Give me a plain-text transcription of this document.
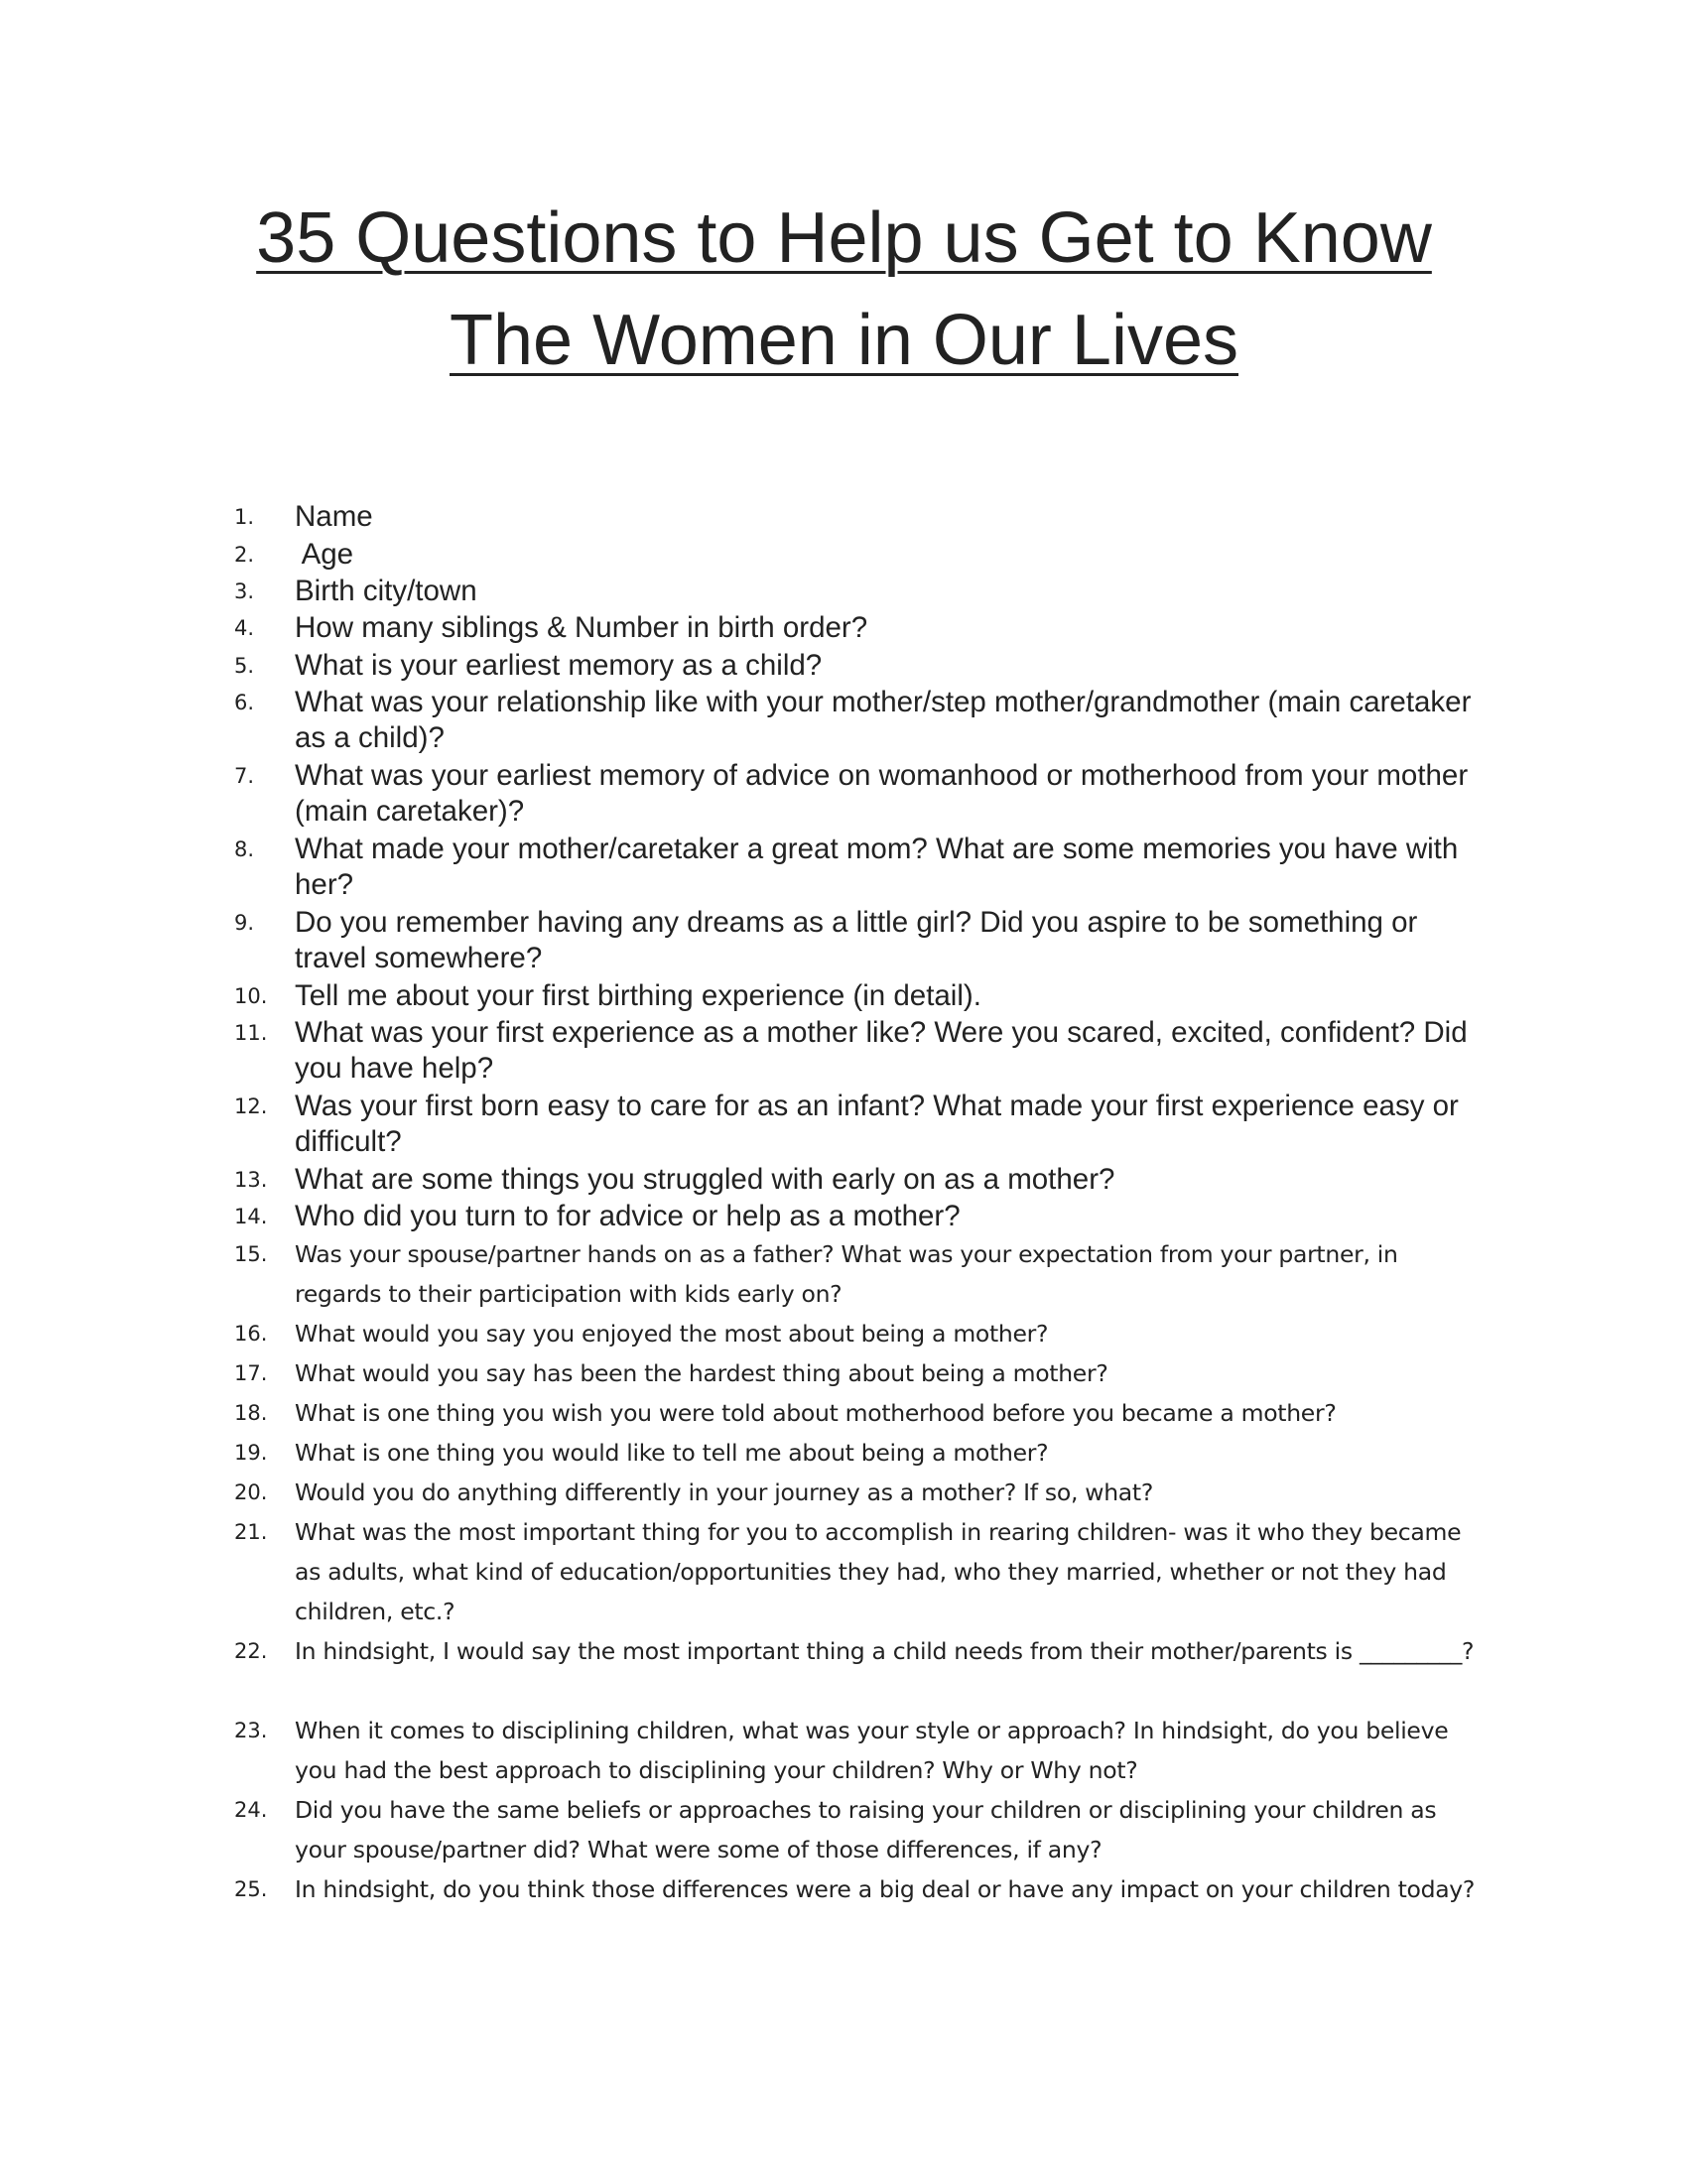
35 Questions to Help us Get to Know
The Women in Our Lives
1.	Name
2.	Age
3.	Birth city/town
4.	How many siblings & Number in birth order?
5.	What is your earliest memory as a child?
6.	What was your relationship like with your mother/step mother/grandmother (main caretaker as a child)?
7.	What was your earliest memory of advice on womanhood or motherhood from your mother (main caretaker)?
8.	What made your mother/caretaker a great mom? What are some memories you have with her?
9.	Do you remember having any dreams as a little girl? Did you aspire to be something or travel somewhere?
10. Tell me about your first birthing experience (in detail).
11. What was your first experience as a mother like? Were you scared, excited, confident? Did you have help?
12. Was your first born easy to care for as an infant? What made your first experience easy or difficult?
13. What are some things you struggled with early on as a mother?
14. Who did you turn to for advice or help as a mother?
15.	Was your spouse/partner hands on as a father? What was your expectation from your partner, in regards to their participation with kids early on?
16.	What would you say you enjoyed the most about being a mother?
17.	What would you say has been the hardest thing about being a mother?
18.	What is one thing you wish you were told about motherhood before you became a mother?
19.	What is one thing you would like to tell me about being a mother?
20.	Would you do anything differently in your journey as a mother? If so, what?
21.	What was the most important thing for you to accomplish in rearing children- was it who they became as adults, what kind of education/opportunities they had, who they married, whether or not they had children, etc.?
22.	In hindsight, I would say the most important thing a child needs from their mother/parents is _________?
23.	When it comes to disciplining children, what was your style or approach? In hindsight, do you believe you had the best approach to disciplining your children? Why or Why not?
24.	Did you have the same beliefs or approaches to raising your children or disciplining your children as your spouse/partner did? What were some of those differences, if any?
25.	In hindsight, do you think those differences were a big deal or have any impact on your children today?
